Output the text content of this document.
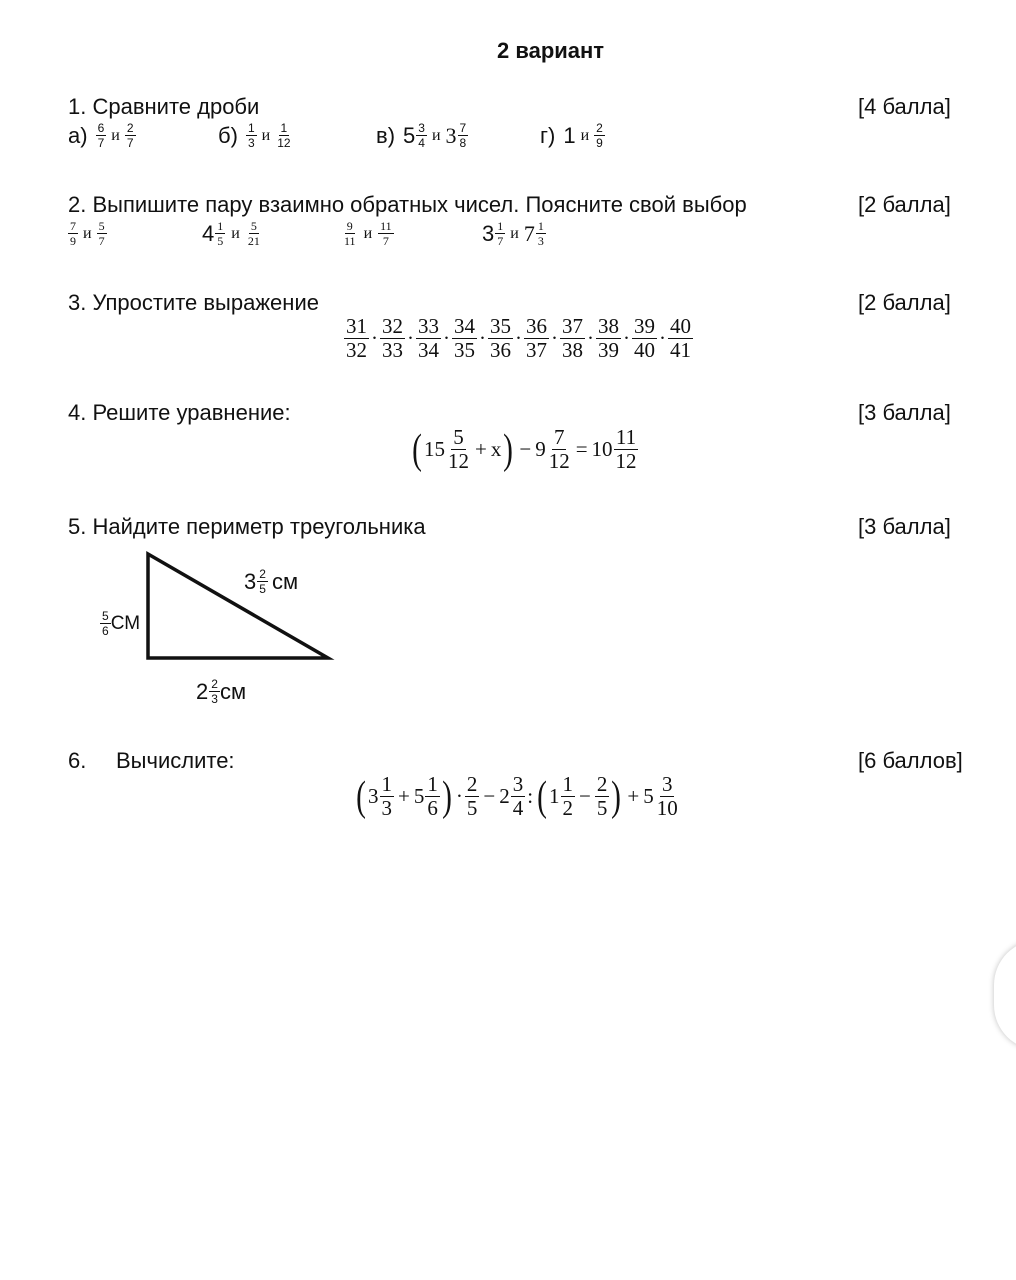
2 вариант
1. Сравните дроби	[4 балла]
а) 6
7 и 2
7	б) 1
3 и 1
12	в) 5 3
4 и 3 7
8	г) 1 и 2
9
2. Выпишите пару взаимно обратных чисел. Поясните свой выбор	[2 балла]
7
9 и 5
7	4 1
5 и 5
21
9
11 и 11
7	3 1
7 и 7 1
3
3. Упростите выражение	[2 балла]
31
32 · 32
33 · 33
34 · 34
35 · 35
36 · 36
37 · 37
38 · 38
39 · 39
40 · 40
41
4. Решите уравнение:	[3 балла]
( 15 5
12 + x ) − $9 \frac{7}{12} = 10$ 11
12
5. Найдите периметр треугольника	[3 балла]
3 2
5 см
5
6 СМ
2 2
3 см
6. Вычислите:	[6 баллов]
( 3 1
3 + 5 1
6 ) · 2
5 − 2 3
4 : ( 1 1
$2 - \frac{2}{5}$ ) + 5 3
10
